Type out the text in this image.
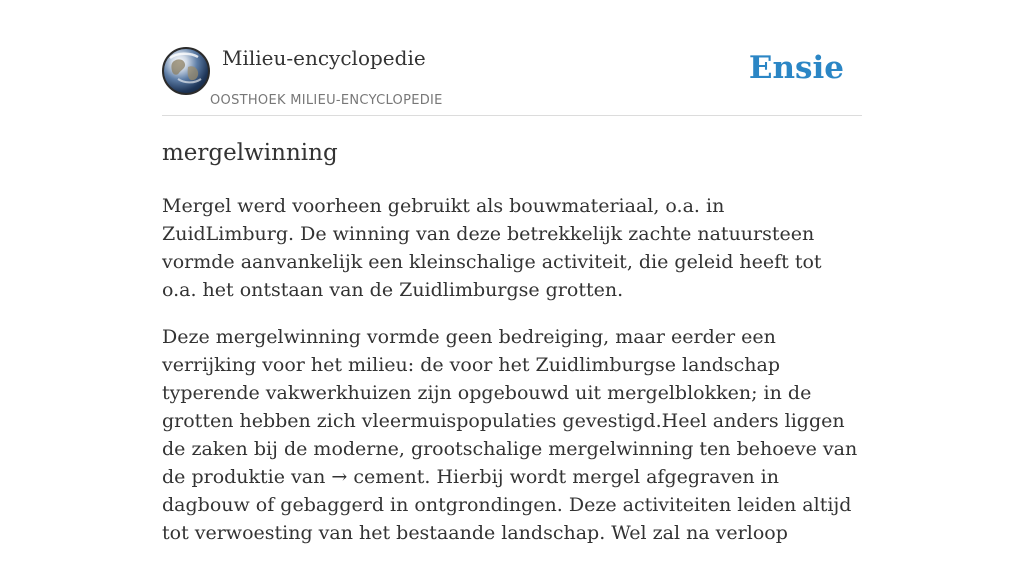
Milieu-encyclopedie
OOSTHOEK MILIEU-ENCYCLOPEDIE
Ensie
mergelwinning

Mergel werd voorheen gebruikt als bouwmateriaal, o.a. in ZuidLimburg. De winning van deze betrekkelijk zachte natuursteen vormde aanvankelijk een kleinschalige activiteit, die geleid heeft tot o.a. het ontstaan van de Zuidlimburgse grotten.

Deze mergelwinning vormde geen bedreiging, maar eerder een verrijking voor het milieu: de voor het Zuidlimburgse landschap typerende vakwerkhuizen zijn opgebouwd uit mergelblokken; in de grotten hebben zich vleermuispopulaties gevestigd.Heel anders liggen de zaken bij de moderne, grootschalige mergelwinning ten behoeve van de produktie van → cement. Hierbij wordt mergel afgegraven in dagbouw of gebaggerd in ontgrondingen. Deze activiteiten leiden altijd tot verwoesting van het bestaande landschap. Wel zal na verloop
